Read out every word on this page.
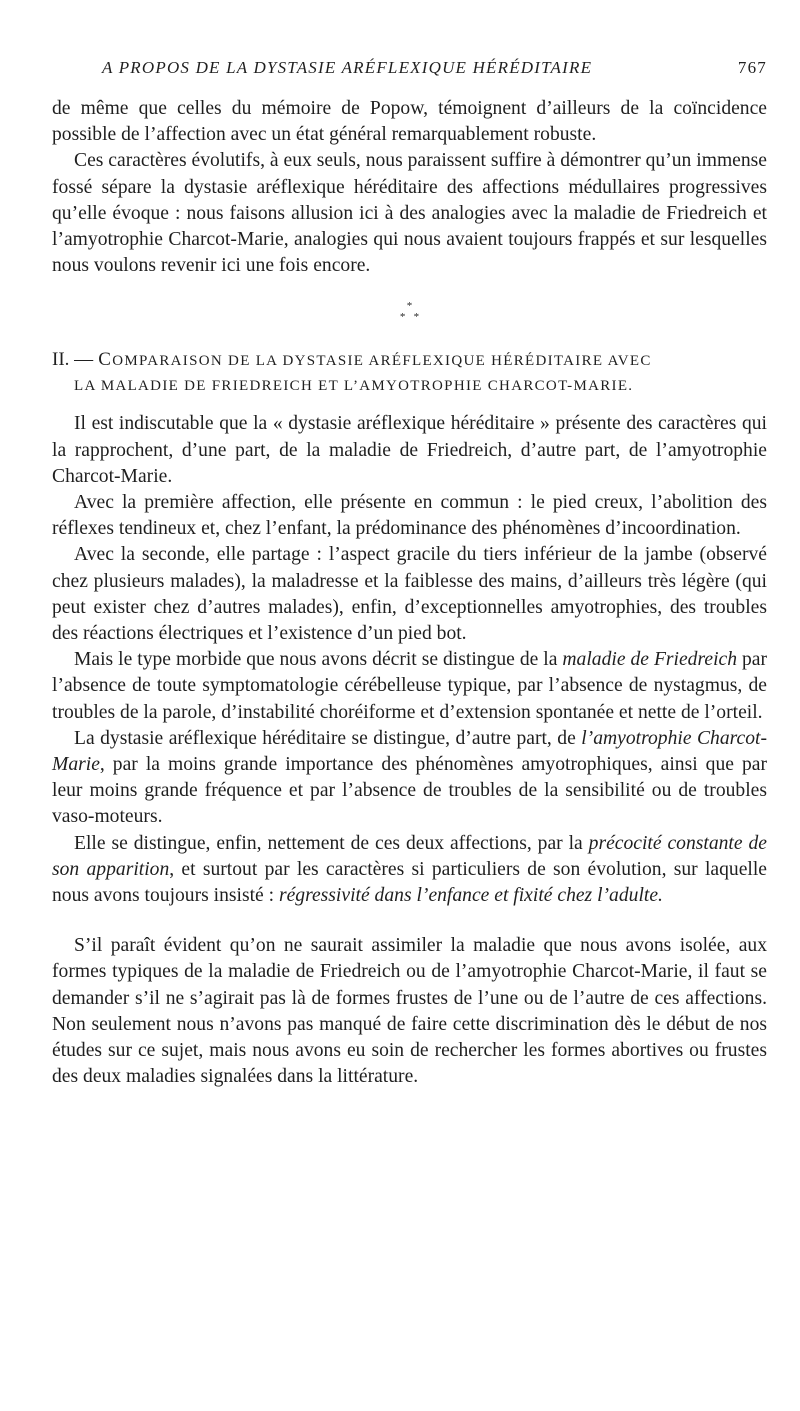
A PROPOS DE LA DYSTASIE ARÉFLEXIQUE HÉRÉDITAIRE	767

de même que celles du mémoire de Popow, témoignent d’ailleurs de la coïncidence possible de l’affection avec un état général remarquablement robuste.

Ces caractères évolutifs, à eux seuls, nous paraissent suffire à démontrer qu’un immense fossé sépare la dystasie aréflexique héréditaire des affections médullaires progressives qu’elle évoque : nous faisons allusion ici à des analogies avec la maladie de Friedreich et l’amyotrophie Charcot-Marie, analogies qui nous avaient toujours frappés et sur lesquelles nous voulons revenir ici une fois encore.

*
*   *
II. — COMPARAISON DE LA DYSTASIE ARÉFLEXIQUE HÉRÉDITAIRE AVEC
LA MALADIE DE FRIEDREICH ET L’AMYOTROPHIE CHARCOT-MARIE.

Il est indiscutable que la « dystasie aréflexique héréditaire » présente des caractères qui la rapprochent, d’une part, de la maladie de Friedreich, d’autre part, de l’amyotrophie Charcot-Marie.

Avec la première affection, elle présente en commun : le pied creux, l’abolition des réflexes tendineux et, chez l’enfant, la prédominance des phénomènes d’incoordination.

Avec la seconde, elle partage : l’aspect gracile du tiers inférieur de la jambe (observé chez plusieurs malades), la maladresse et la faiblesse des mains, d’ailleurs très légère (qui peut exister chez d’autres malades), enfin, d’exceptionnelles amyotrophies, des troubles des réactions électriques et l’existence d’un pied bot.

Mais le type morbide que nous avons décrit se distingue de la maladie de Friedreich par l’absence de toute symptomatologie cérébelleuse typique, par l’absence de nystagmus, de troubles de la parole, d’instabilité choréiforme et d’extension spontanée et nette de l’orteil.

La dystasie aréflexique héréditaire se distingue, d’autre part, de l’amyotrophie Charcot-Marie, par la moins grande importance des phénomènes amyotrophiques, ainsi que par leur moins grande fréquence et par l’absence de troubles de la sensibilité ou de troubles vaso-moteurs.

Elle se distingue, enfin, nettement de ces deux affections, par la précocité constante de son apparition, et surtout par les caractères si particuliers de son évolution, sur laquelle nous avons toujours insisté : régressivité dans l’enfance et fixité chez l’adulte.

S’il paraît évident qu’on ne saurait assimiler la maladie que nous avons isolée, aux formes typiques de la maladie de Friedreich ou de l’amyotrophie Charcot-Marie, il faut se demander s’il ne s’agirait pas là de formes frustes de l’une ou de l’autre de ces affections. Non seulement nous n’avons pas manqué de faire cette discrimination dès le début de nos études sur ce sujet, mais nous avons eu soin de rechercher les formes abortives ou frustes des deux maladies signalées dans la littérature.
